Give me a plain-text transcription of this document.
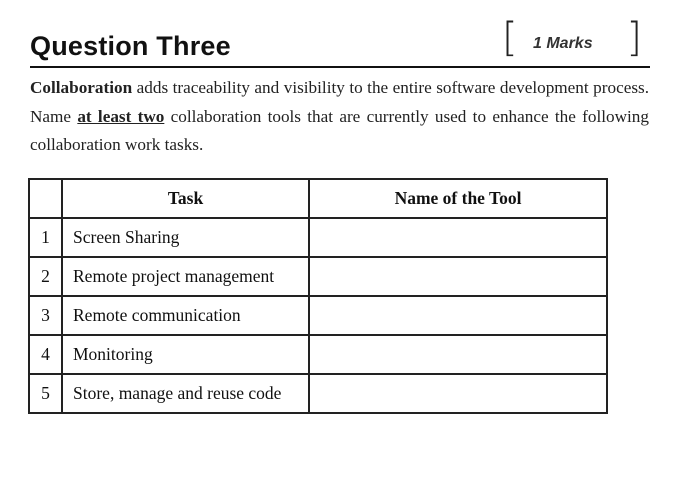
Question Three	[ 1 Marks ]
Collaboration adds traceability and visibility to the entire software development process. Name at least two collaboration tools that are currently used to enhance the following collaboration work tasks.
	Task	Name of the Tool
1	Screen Sharing	
2	Remote project management	
3	Remote communication	
4	Monitoring	
5	Store, manage and reuse code	
